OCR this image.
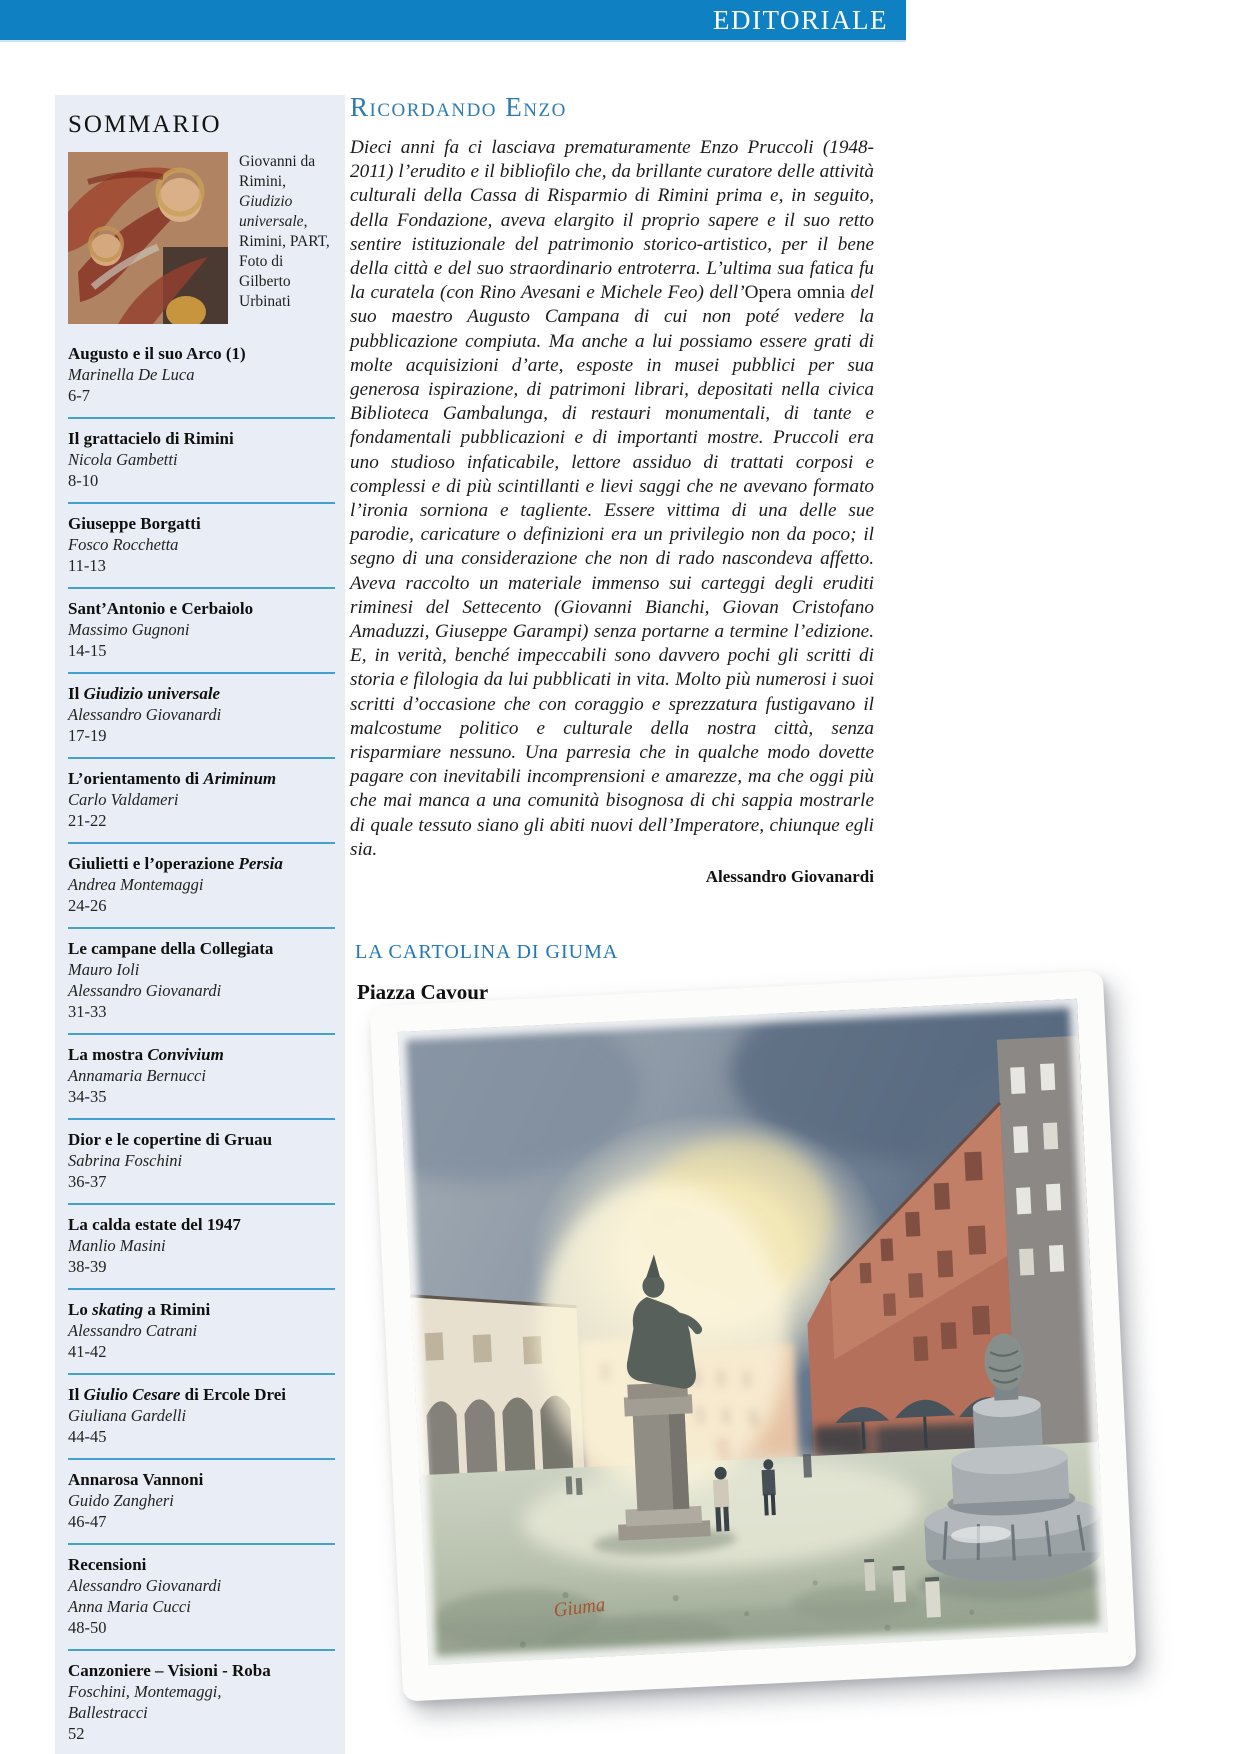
EDITORIALE
SOMMARIO
Giovanni da Rimini, Giudizio universale, Rimini, PART, Foto di Gilberto Urbinati
Augusto e il suo Arco (1)
Marinella De Luca
6-7
Il grattacielo di Rimini
Nicola Gambetti
8-10
Giuseppe Borgatti
Fosco Rocchetta
11-13
Sant’Antonio e Cerbaiolo
Massimo Gugnoni
14-15
Il Giudizio universale
Alessandro Giovanardi
17-19
L’orientamento di Ariminum
Carlo Valdameri
21-22
Giulietti e l’operazione Persia
Andrea Montemaggi
24-26
Le campane della Collegiata
Mauro Ioli
Alessandro Giovanardi
31-33
La mostra Convivium
Annamaria Bernucci
34-35
Dior e le copertine di Gruau
Sabrina Foschini
36-37
La calda estate del 1947
Manlio Masini
38-39
Lo skating a Rimini
Alessandro Catrani
41-42
Il Giulio Cesare di Ercole Drei
Giuliana Gardelli
44-45
Annarosa Vannoni
Guido Zangheri
46-47
Recensioni
Alessandro Giovanardi
Anna Maria Cucci
48-50
Canzoniere – Visioni - Roba
Foschini, Montemaggi,
Ballestracci
52
Ricordando Enzo
Dieci anni fa ci lasciava prematuramente Enzo Pruccoli (1948-2011) l’erudito e il bibliofilo che, da brillante curatore delle attività culturali della Cassa di Risparmio di Rimini prima e, in seguito, della Fondazione, aveva elargito il proprio sapere e il suo retto sentire istituzionale del patrimonio storico-artistico, per il bene della città e del suo straordinario entroterra. L’ultima sua fatica fu la curatela (con Rino Avesani e Michele Feo) dell’Opera omnia del suo maestro Augusto Campana di cui non poté vedere la pubblicazione compiuta. Ma anche a lui possiamo essere grati di molte acquisizioni d’arte, esposte in musei pubblici per sua generosa ispirazione, di patrimoni librari, depositati nella civica Biblioteca Gambalunga, di restauri monumentali, di tante e fondamentali pubblicazioni e di importanti mostre. Pruccoli era uno studioso infaticabile, lettore assiduo di trattati corposi e complessi e di più scintillanti e lievi saggi che ne avevano formato l’ironia sorniona e tagliente. Essere vittima di una delle sue parodie, caricature o definizioni era un privilegio non da poco; il segno di una considerazione che non di rado nascondeva affetto. Aveva raccolto un materiale immenso sui carteggi degli eruditi riminesi del Settecento (Giovanni Bianchi, Giovan Cristofano Amaduzzi, Giuseppe Garampi) senza portarne a termine l’edizione. E, in verità, benché impeccabili sono davvero pochi gli scritti di storia e filologia da lui pubblicati in vita. Molto più numerosi i suoi scritti d’occasione che con coraggio e sprezzatura fustigavano il malcostume politico e culturale della nostra città, senza risparmiare nessuno. Una parresia che in qualche modo dovette pagare con inevitabili incomprensioni e amarezze, ma che oggi più che mai manca a una comunità bisognosa di chi sappia mostrarle di quale tessuto siano gli abiti nuovi dell’Imperatore, chiunque egli sia.
Alessandro Giovanardi
LA CARTOLINA DI GIUMA
Piazza Cavour
Giuma
